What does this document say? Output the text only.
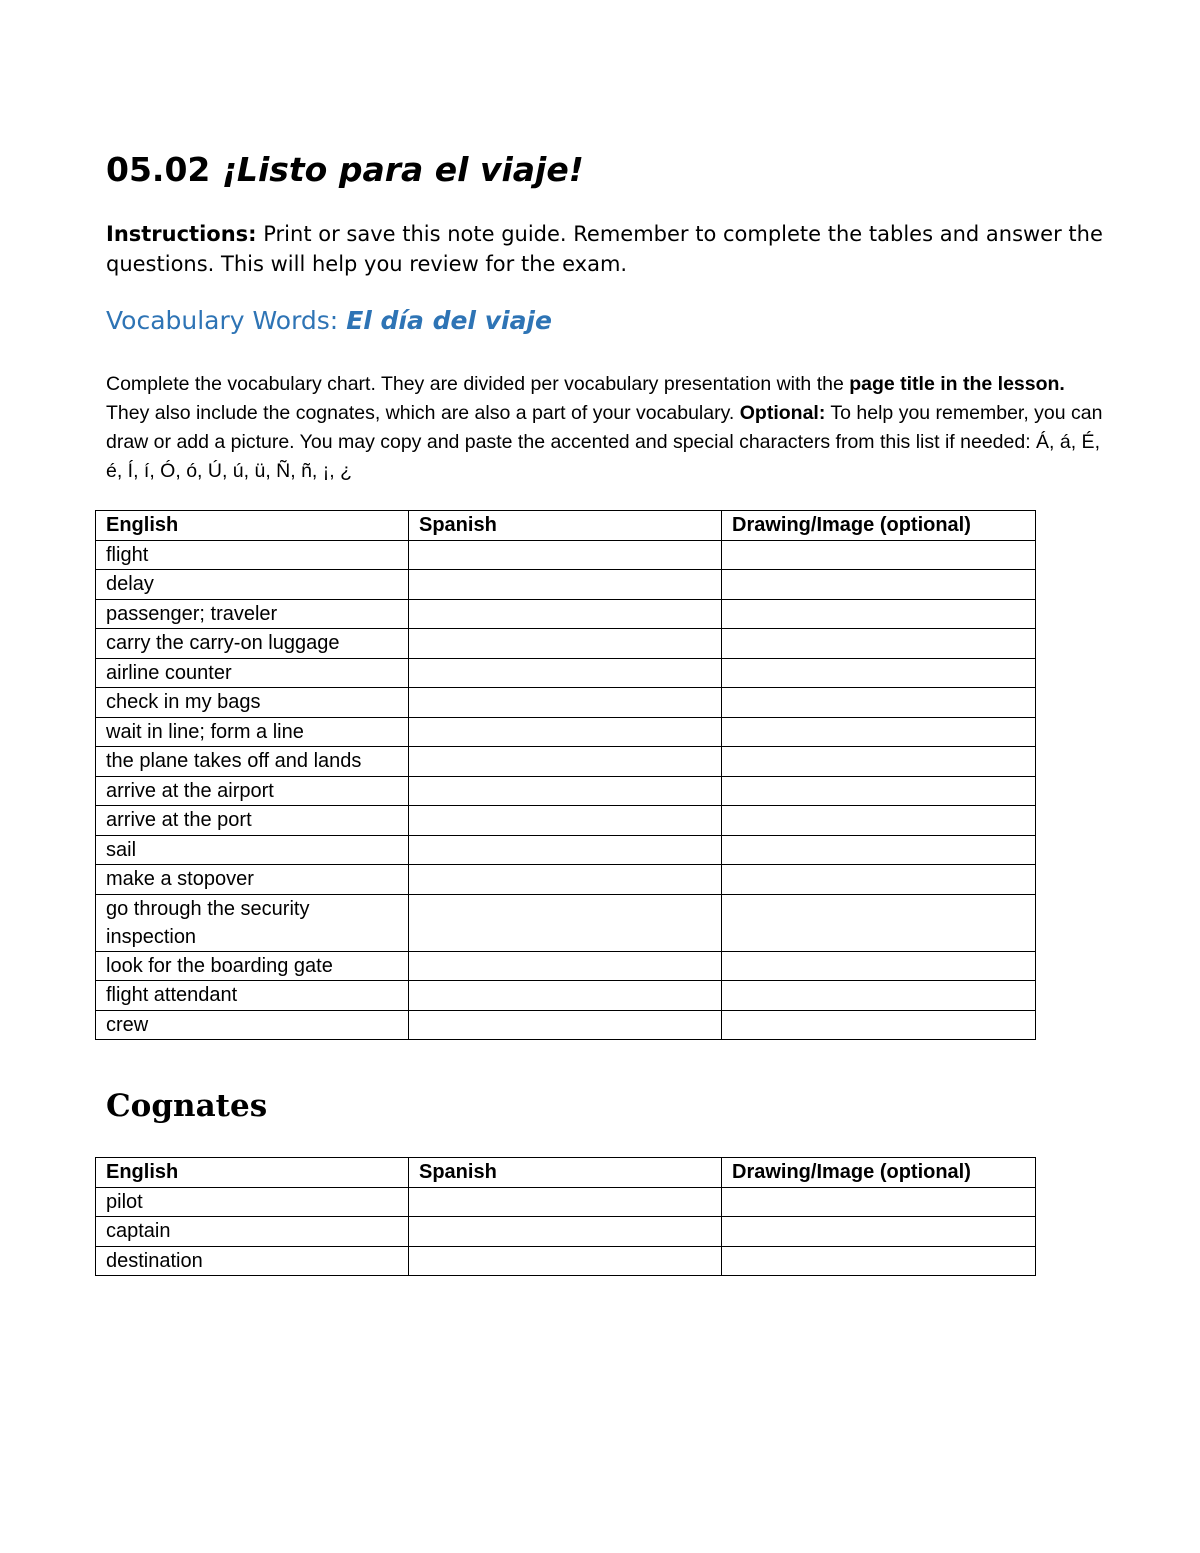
05.02 ¡Listo para el viaje!

Instructions: Print or save this note guide. Remember to complete the tables and answer the questions. This will help you review for the exam.

Vocabulary Words: El día del viaje

Complete the vocabulary chart. They are divided per vocabulary presentation with the page title in the lesson. They also include the cognates, which are also a part of your vocabulary. Optional: To help you remember, you can draw or add a picture. You may copy and paste the accented and special characters from this list if needed: Á, á, É, é, Í, í, Ó, ó, Ú, ú, ü, Ñ, ñ, ¡, ¿

English	Spanish	Drawing/Image (optional)
flight		
delay		
passenger; traveler		
carry the carry-on luggage		
airline counter		
check in my bags		
wait in line; form a line		
the plane takes off and lands		
arrive at the airport		
arrive at the port		
sail		
make a stopover		
go through the security inspection		
look for the boarding gate		
flight attendant		
crew		
Cognates
English	Spanish	Drawing/Image (optional)
pilot		
captain		
destination		
